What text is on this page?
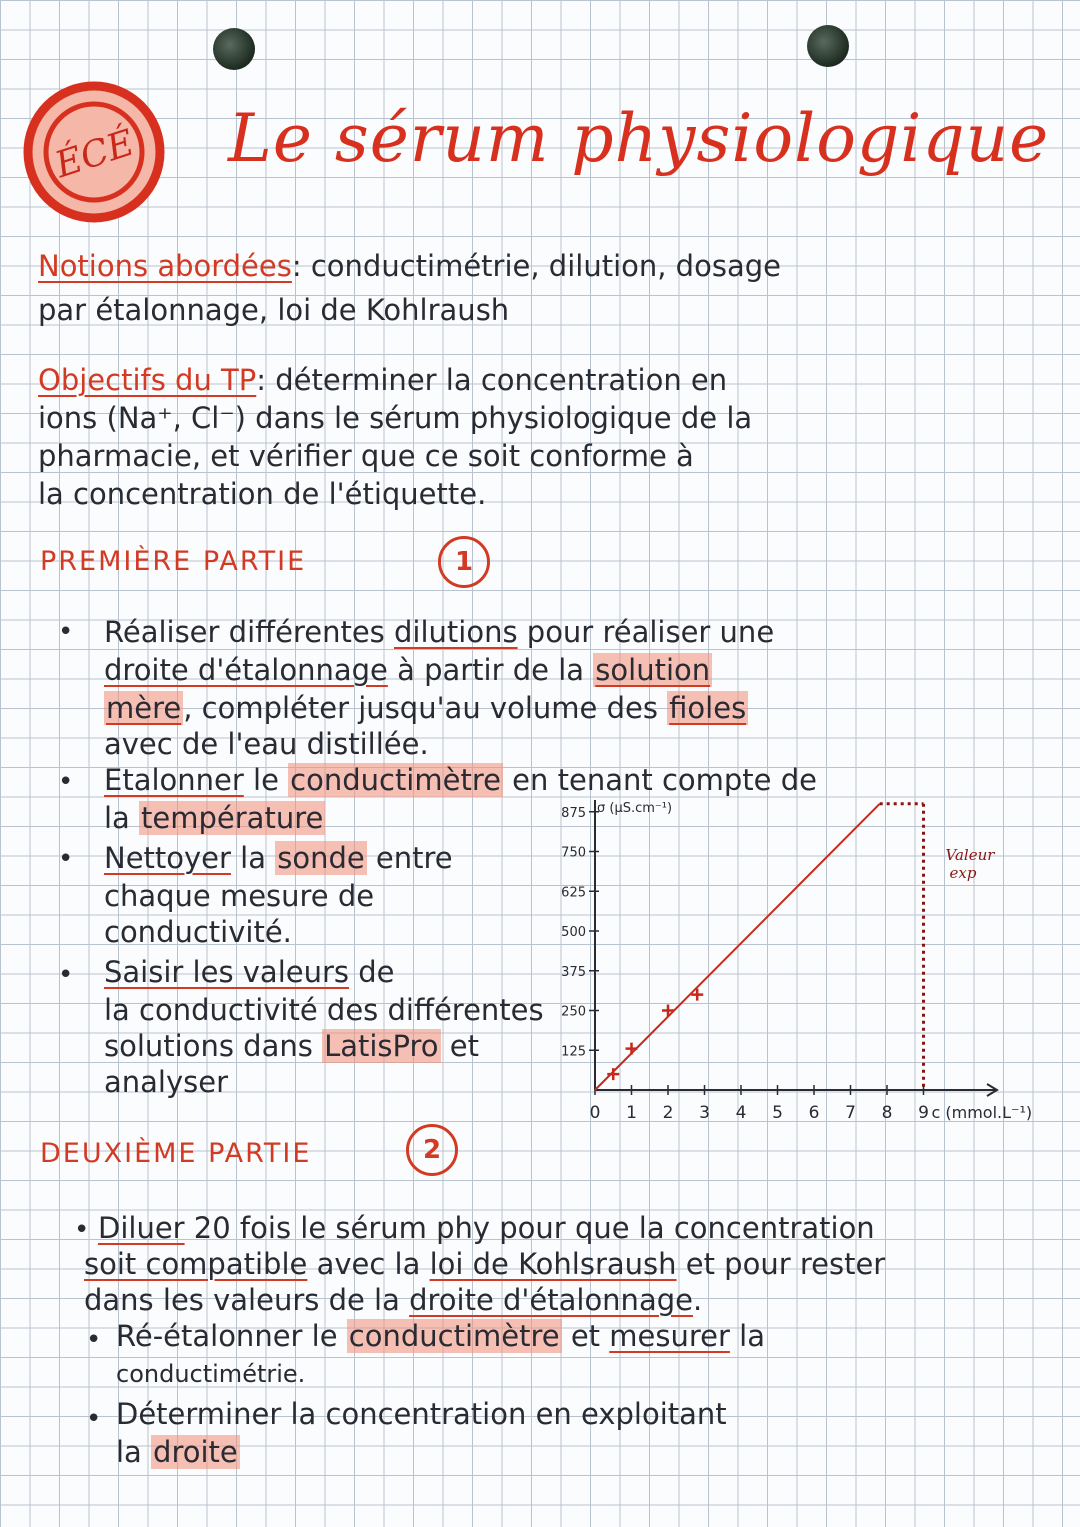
ÉCÉ Le sérum physiologique
Notions abordées: conductimétrie, dilution, dosage
par étalonnage, loi de Kohlraush
Objectifs du TP: déterminer la concentration en
ions (Na⁺, Cl⁻) dans le sérum physiologique de la
pharmacie, et vérifier que ce soit conforme à
la concentration de l'étiquette.
PREMIÈRE PARTIE	1
• Réaliser différentes dilutions pour réaliser une
droite d'étalonnage à partir de la solution
mère, compléter jusqu'au volume des fioles
avec de l'eau distillée.
• Etalonner le conductimètre en tenant compte de
la température
• Nettoyer la sonde entre
chaque mesure de
conductivité.
• Saisir les valeurs de
la conductivité des différentes
solutions dans LatisPro et
analyser
125
250
375
500
625
750
875
0 1 2 3 4 5 6 7 8 9
σ (µS.cm⁻¹)
c (mmol.L⁻¹)
Valeur
exp
DEUXIÈME PARTIE	2
• Diluer 20 fois le sérum phy pour que la concentration
soit compatible avec la loi de Kohlsraush et pour rester
dans les valeurs de la droite d'étalonnage.
• Ré-étalonner le conductimètre et mesurer la
conductimétrie.
• Déterminer la concentration en exploitant
la droite
